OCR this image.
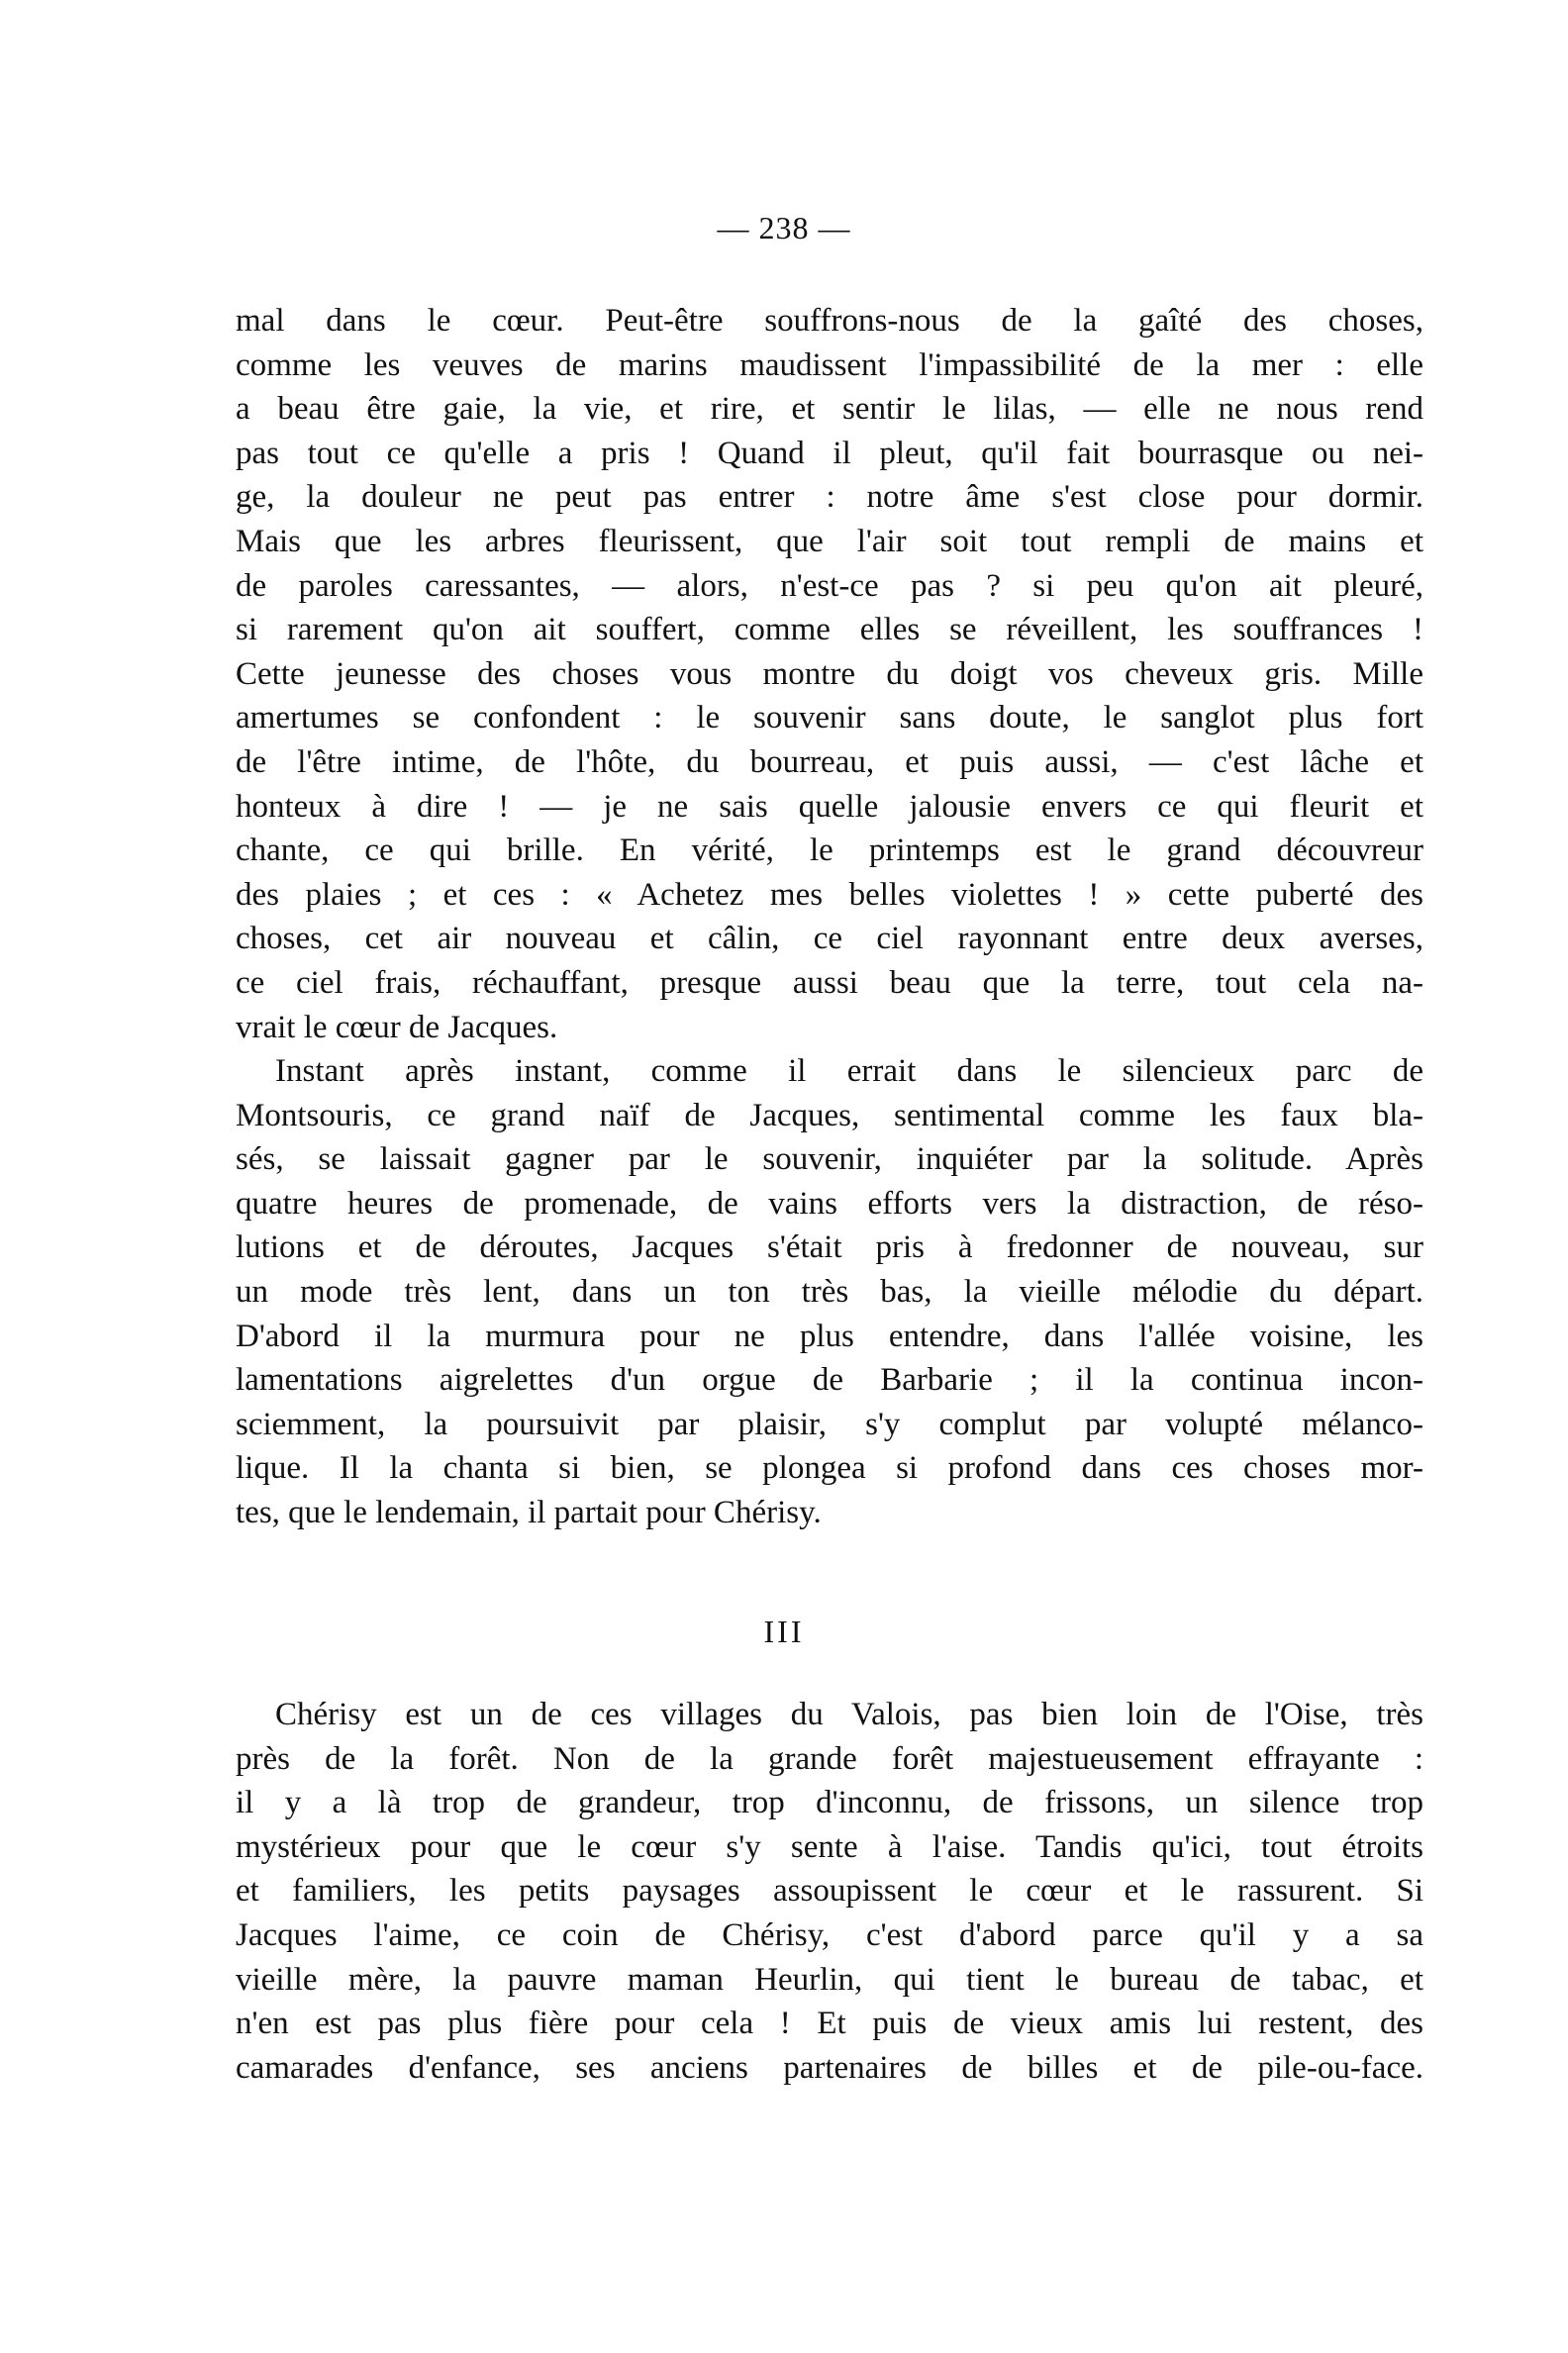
— 238 —
mal dans le cœur. Peut-être souffrons-nous de la gaîté des choses,
comme les veuves de marins maudissent l'impassibilité de la mer : elle
a beau être gaie, la vie, et rire, et sentir le lilas, — elle ne nous rend
pas tout ce qu'elle a pris ! Quand il pleut, qu'il fait bourrasque ou nei-
ge, la douleur ne peut pas entrer : notre âme s'est close pour dormir.
Mais que les arbres fleurissent, que l'air soit tout rempli de mains et
de paroles caressantes, — alors, n'est-ce pas ? si peu qu'on ait pleuré,
si rarement qu'on ait souffert, comme elles se réveillent, les souffrances !
Cette jeunesse des choses vous montre du doigt vos cheveux gris. Mille
amertumes se confondent : le souvenir sans doute, le sanglot plus fort
de l'être intime, de l'hôte, du bourreau, et puis aussi, — c'est lâche et
honteux à dire ! — je ne sais quelle jalousie envers ce qui fleurit et
chante, ce qui brille. En vérité, le printemps est le grand découvreur
des plaies ; et ces : « Achetez mes belles violettes ! » cette puberté des
choses, cet air nouveau et câlin, ce ciel rayonnant entre deux averses,
ce ciel frais, réchauffant, presque aussi beau que la terre, tout cela na-
vrait le cœur de Jacques.
Instant après instant, comme il errait dans le silencieux parc de
Montsouris, ce grand naïf de Jacques, sentimental comme les faux bla-
sés, se laissait gagner par le souvenir, inquiéter par la solitude. Après
quatre heures de promenade, de vains efforts vers la distraction, de réso-
lutions et de déroutes, Jacques s'était pris à fredonner de nouveau, sur
un mode très lent, dans un ton très bas, la vieille mélodie du départ.
D'abord il la murmura pour ne plus entendre, dans l'allée voisine, les
lamentations aigrelettes d'un orgue de Barbarie ; il la continua incon-
sciemment, la poursuivit par plaisir, s'y complut par volupté mélanco-
lique. Il la chanta si bien, se plongea si profond dans ces choses mor-
tes, que le lendemain, il partait pour Chérisy.
III
Chérisy est un de ces villages du Valois, pas bien loin de l'Oise, très
près de la forêt. Non de la grande forêt majestueusement effrayante :
il y a là trop de grandeur, trop d'inconnu, de frissons, un silence trop
mystérieux pour que le cœur s'y sente à l'aise. Tandis qu'ici, tout étroits
et familiers, les petits paysages assoupissent le cœur et le rassurent. Si
Jacques l'aime, ce coin de Chérisy, c'est d'abord parce qu'il y a sa
vieille mère, la pauvre maman Heurlin, qui tient le bureau de tabac, et
n'en est pas plus fière pour cela ! Et puis de vieux amis lui restent, des
camarades d'enfance, ses anciens partenaires de billes et de pile-ou-face.
